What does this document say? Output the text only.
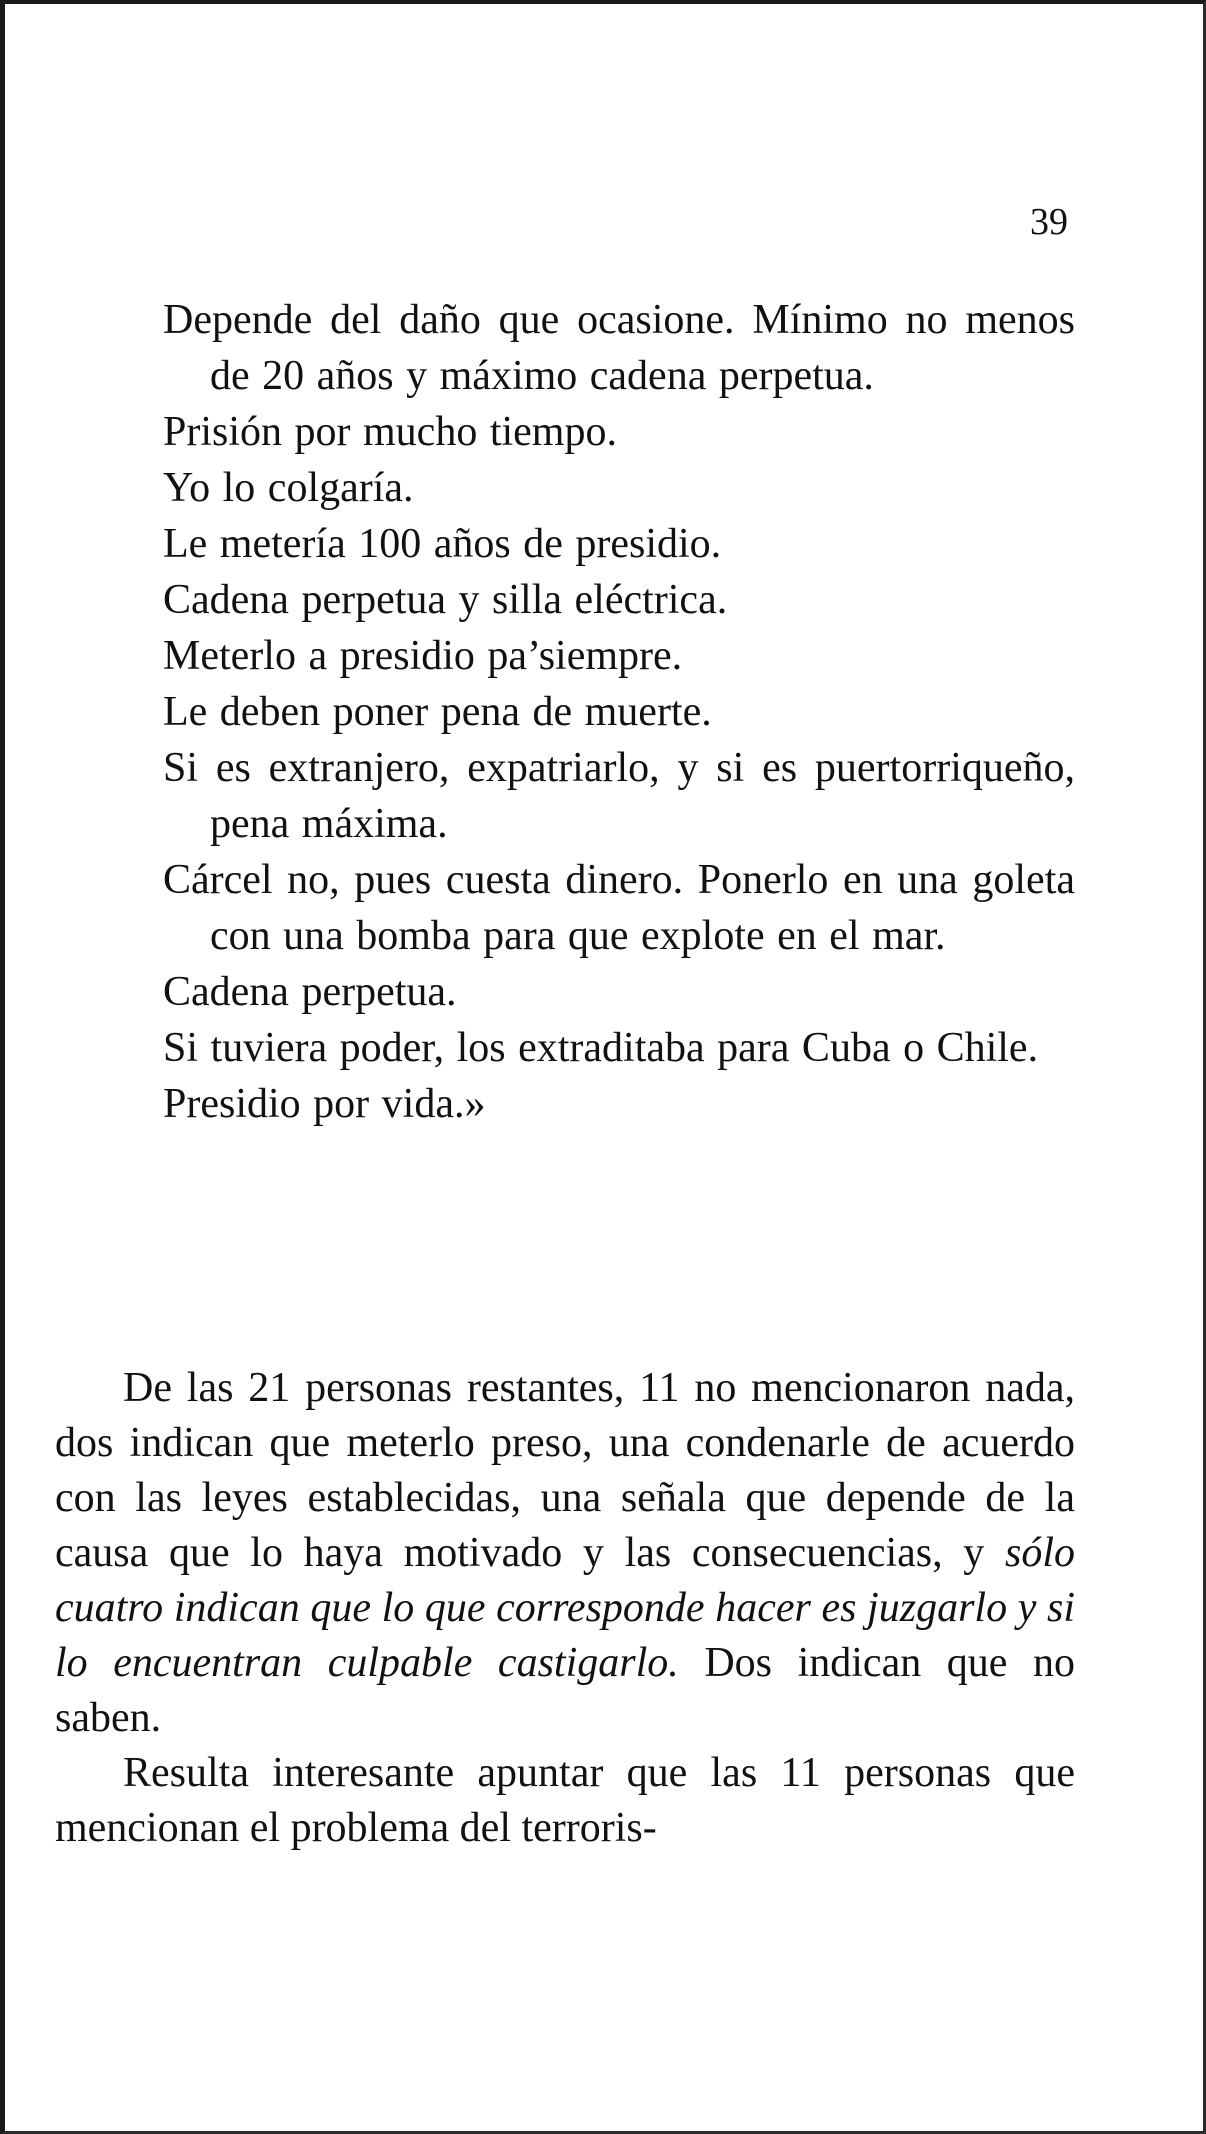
39
Depende del daño que ocasione. Mínimo no menos de 20 años y máximo cadena perpetua.
Prisión por mucho tiempo.
Yo lo colgaría.
Le metería 100 años de presidio.
Cadena perpetua y silla eléctrica.
Meterlo a presidio pa’siempre.
Le deben poner pena de muerte.
Si es extranjero, expatriarlo, y si es puertorriqueño, pena máxima.
Cárcel no, pues cuesta dinero. Ponerlo en una goleta con una bomba para que explote en el mar.
Cadena perpetua.
Si tuviera poder, los extraditaba para Cuba o Chile.
Presidio por vida.»

De las 21 personas restantes, 11 no mencionaron nada, dos indican que meterlo preso, una condenarle de acuerdo con las leyes establecidas, una señala que depende de la causa que lo haya motivado y las consecuencias, y sólo cuatro indican que lo que corresponde hacer es juzgarlo y si lo encuentran culpable castigarlo. Dos indican que no saben.

Resulta interesante apuntar que las 11 personas que mencionan el problema del terroris-
